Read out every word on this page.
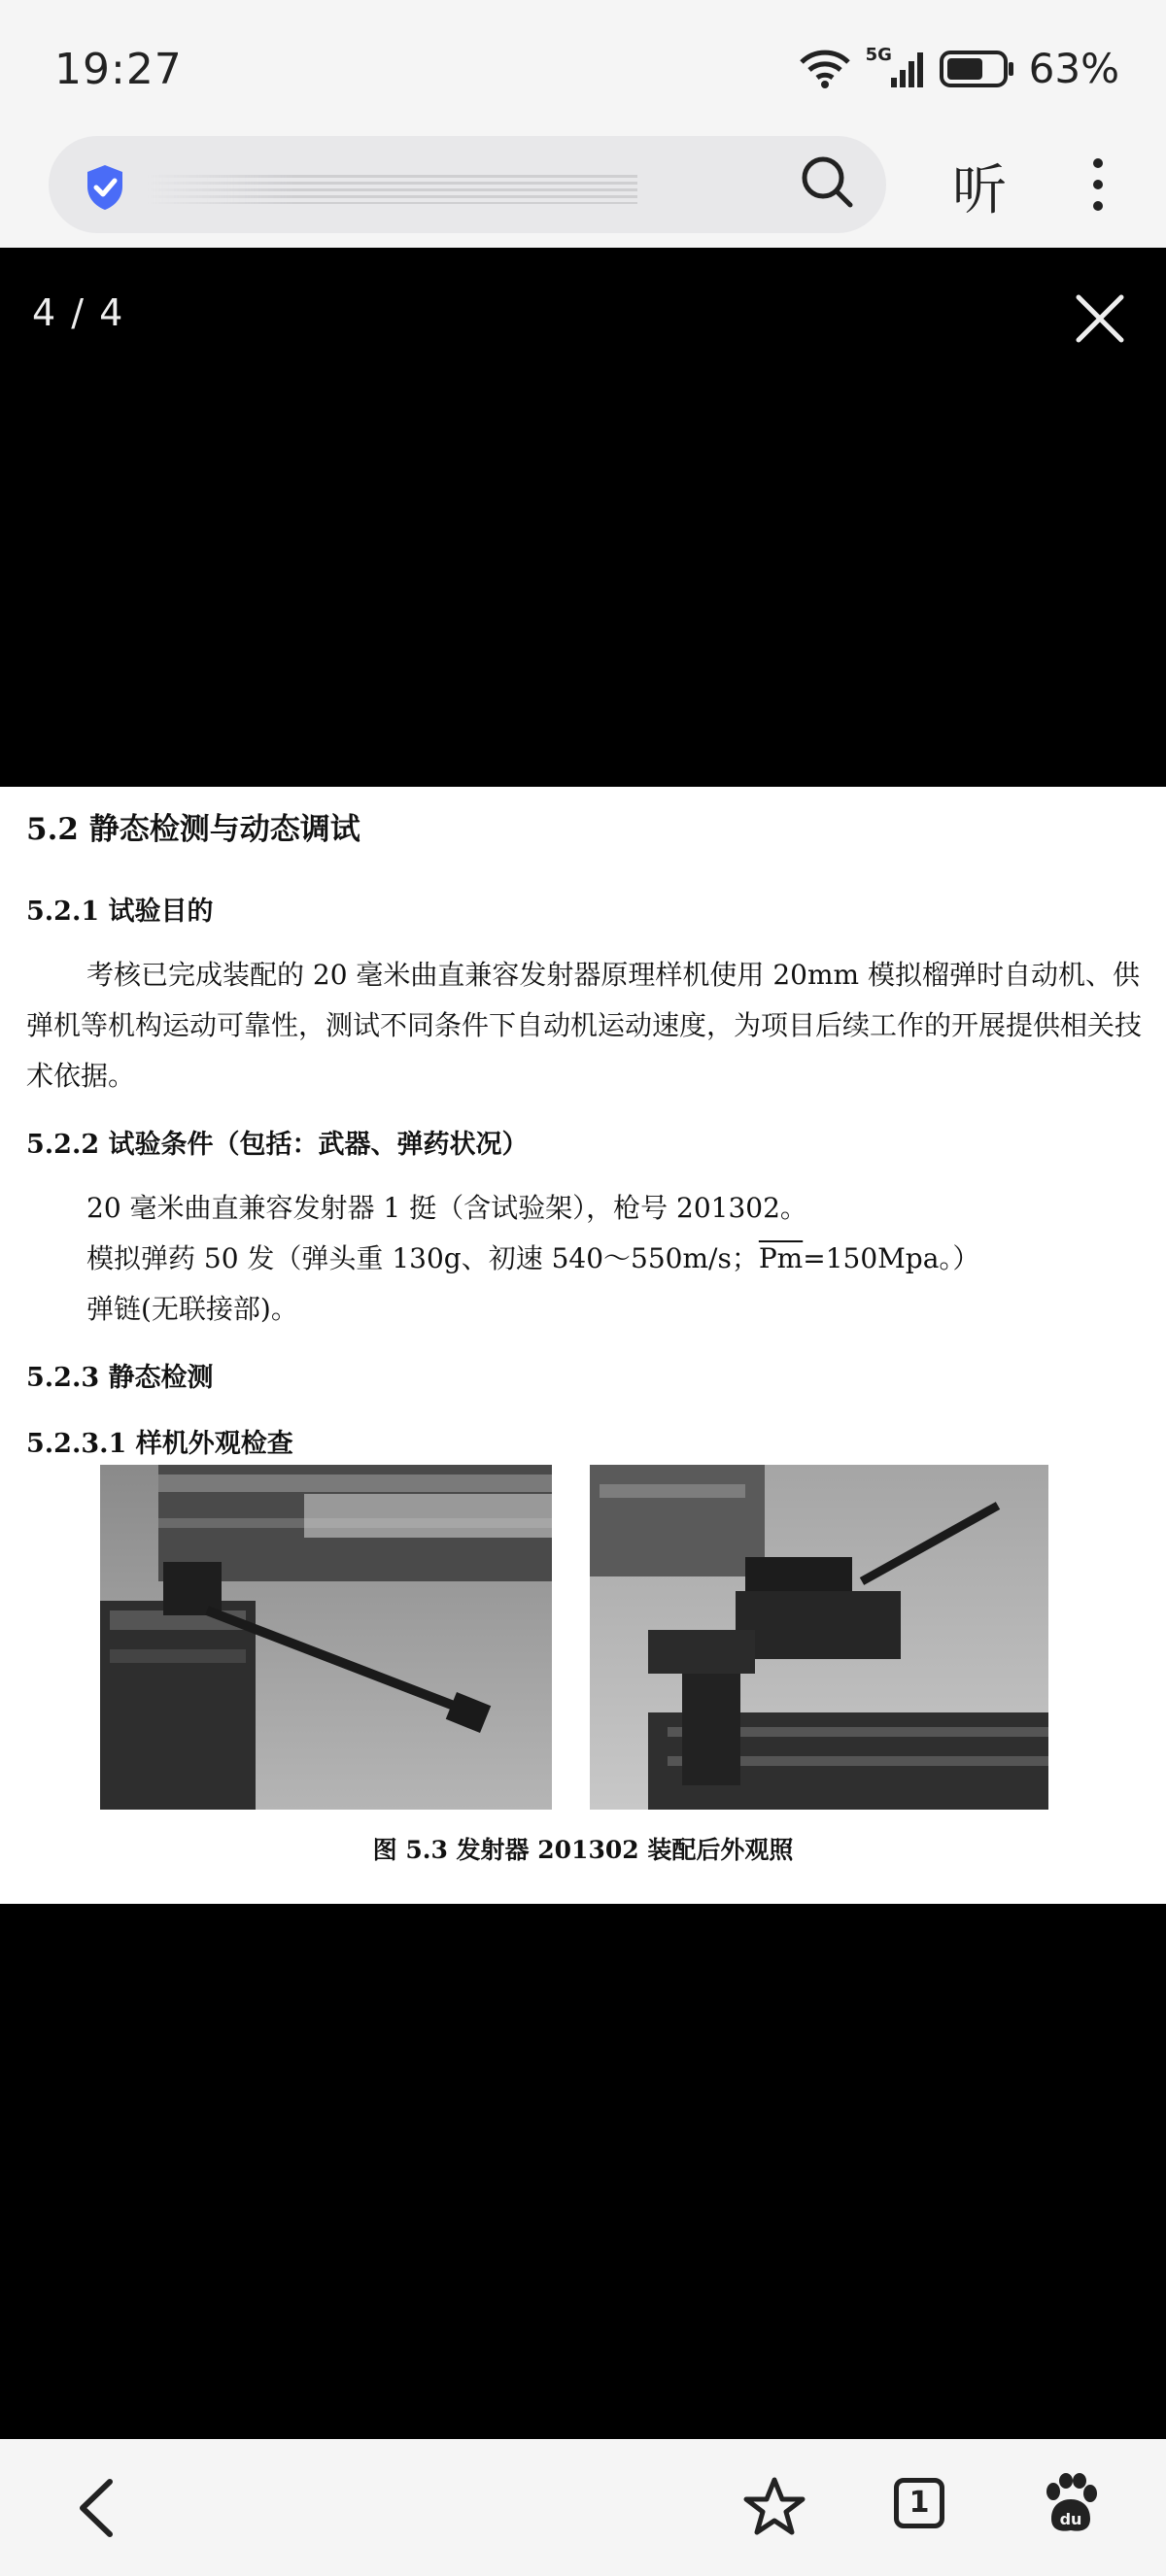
19:27	5G	63%
听
4 / 4
5.2 静态检测与动态调试
5.2.1 试验目的
考核已完成装配的 20 毫米曲直兼容发射器原理样机使用 20mm 模拟榴弹时自动机、供弹机等机构运动可靠性，测试不同条件下自动机运动速度，为项目后续工作的开展提供相关技术依据。
5.2.2 试验条件（包括：武器、弹药状况）
20 毫米曲直兼容发射器 1 挺（含试验架），枪号 201302。
模拟弹药 50 发（弹头重 130g、初速 540～550m/s；$\overline{Pm}=150Mpa$。）
弹链(无联接部)。
5.2.3 静态检测
5.2.3.1 样机外观检查
图 5.3 发射器 201302 装配后外观照
1	du
